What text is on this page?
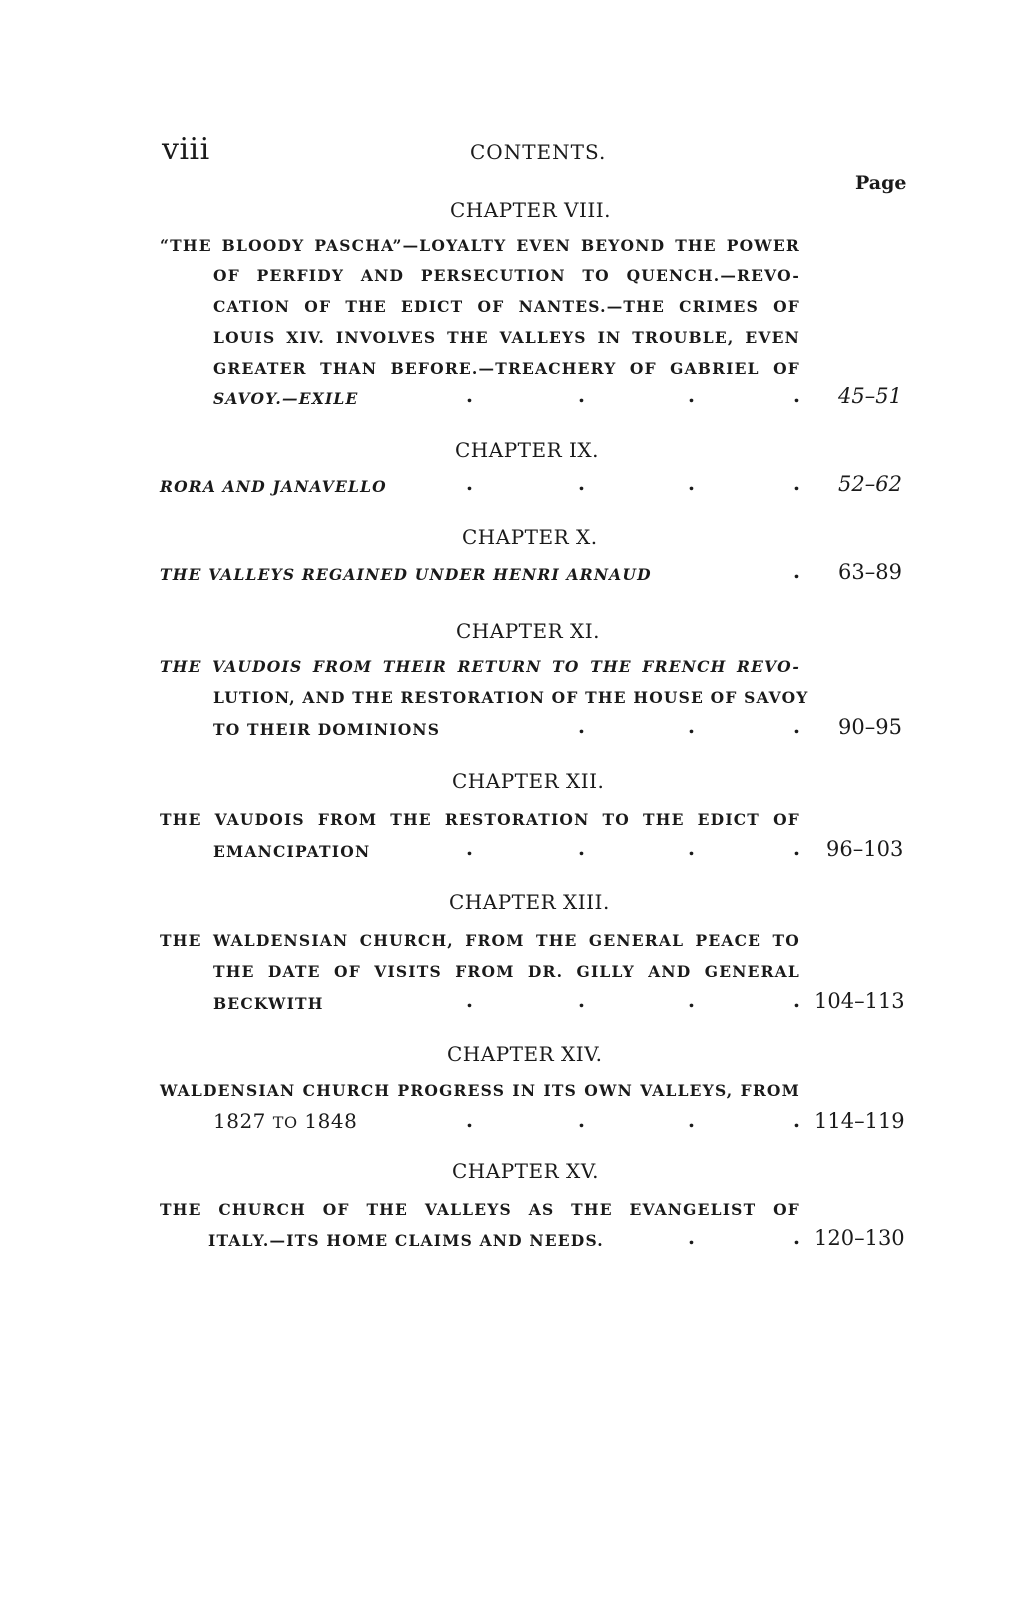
viii	CONTENTS.
Page
CHAPTER VIII.
“THE BLOODY PASCHA”—LOYALTY EVEN BEYOND THE POWER
OF PERFIDY AND PERSECUTION TO QUENCH.—REVO-
CATION OF THE EDICT OF NANTES.—THE CRIMES OF
LOUIS XIV. INVOLVES THE VALLEYS IN TROUBLE, EVEN
GREATER THAN BEFORE.—TREACHERY OF GABRIEL OF
SAVOY.—EXILE	.	.	.	. 45–51
CHAPTER IX.
RORA AND JANAVELLO	.	.	.	. 52–62
CHAPTER X.
THE VALLEYS REGAINED UNDER HENRI ARNAUD	. 63–89
CHAPTER XI.
THE VAUDOIS FROM THEIR RETURN TO THE FRENCH REVO-
LUTION, AND THE RESTORATION OF THE HOUSE OF SAVOY
TO THEIR DOMINIONS	.	.	. 90–95
CHAPTER XII.
THE VAUDOIS FROM THE RESTORATION TO THE EDICT OF
EMANCIPATION	.	.	.	. 96–103
CHAPTER XIII.
THE WALDENSIAN CHURCH, FROM THE GENERAL PEACE TO
THE DATE OF VISITS FROM DR. GILLY AND GENERAL
BECKWITH	.	.	.	. 104–113
CHAPTER XIV.
WALDENSIAN CHURCH PROGRESS IN ITS OWN VALLEYS, FROM
1827 TO 1848	.	.	.	. 114–119
CHAPTER XV.
THE CHURCH OF THE VALLEYS AS THE EVANGELIST OF
ITALY.—ITS HOME CLAIMS AND NEEDS.	.	. 120–130
